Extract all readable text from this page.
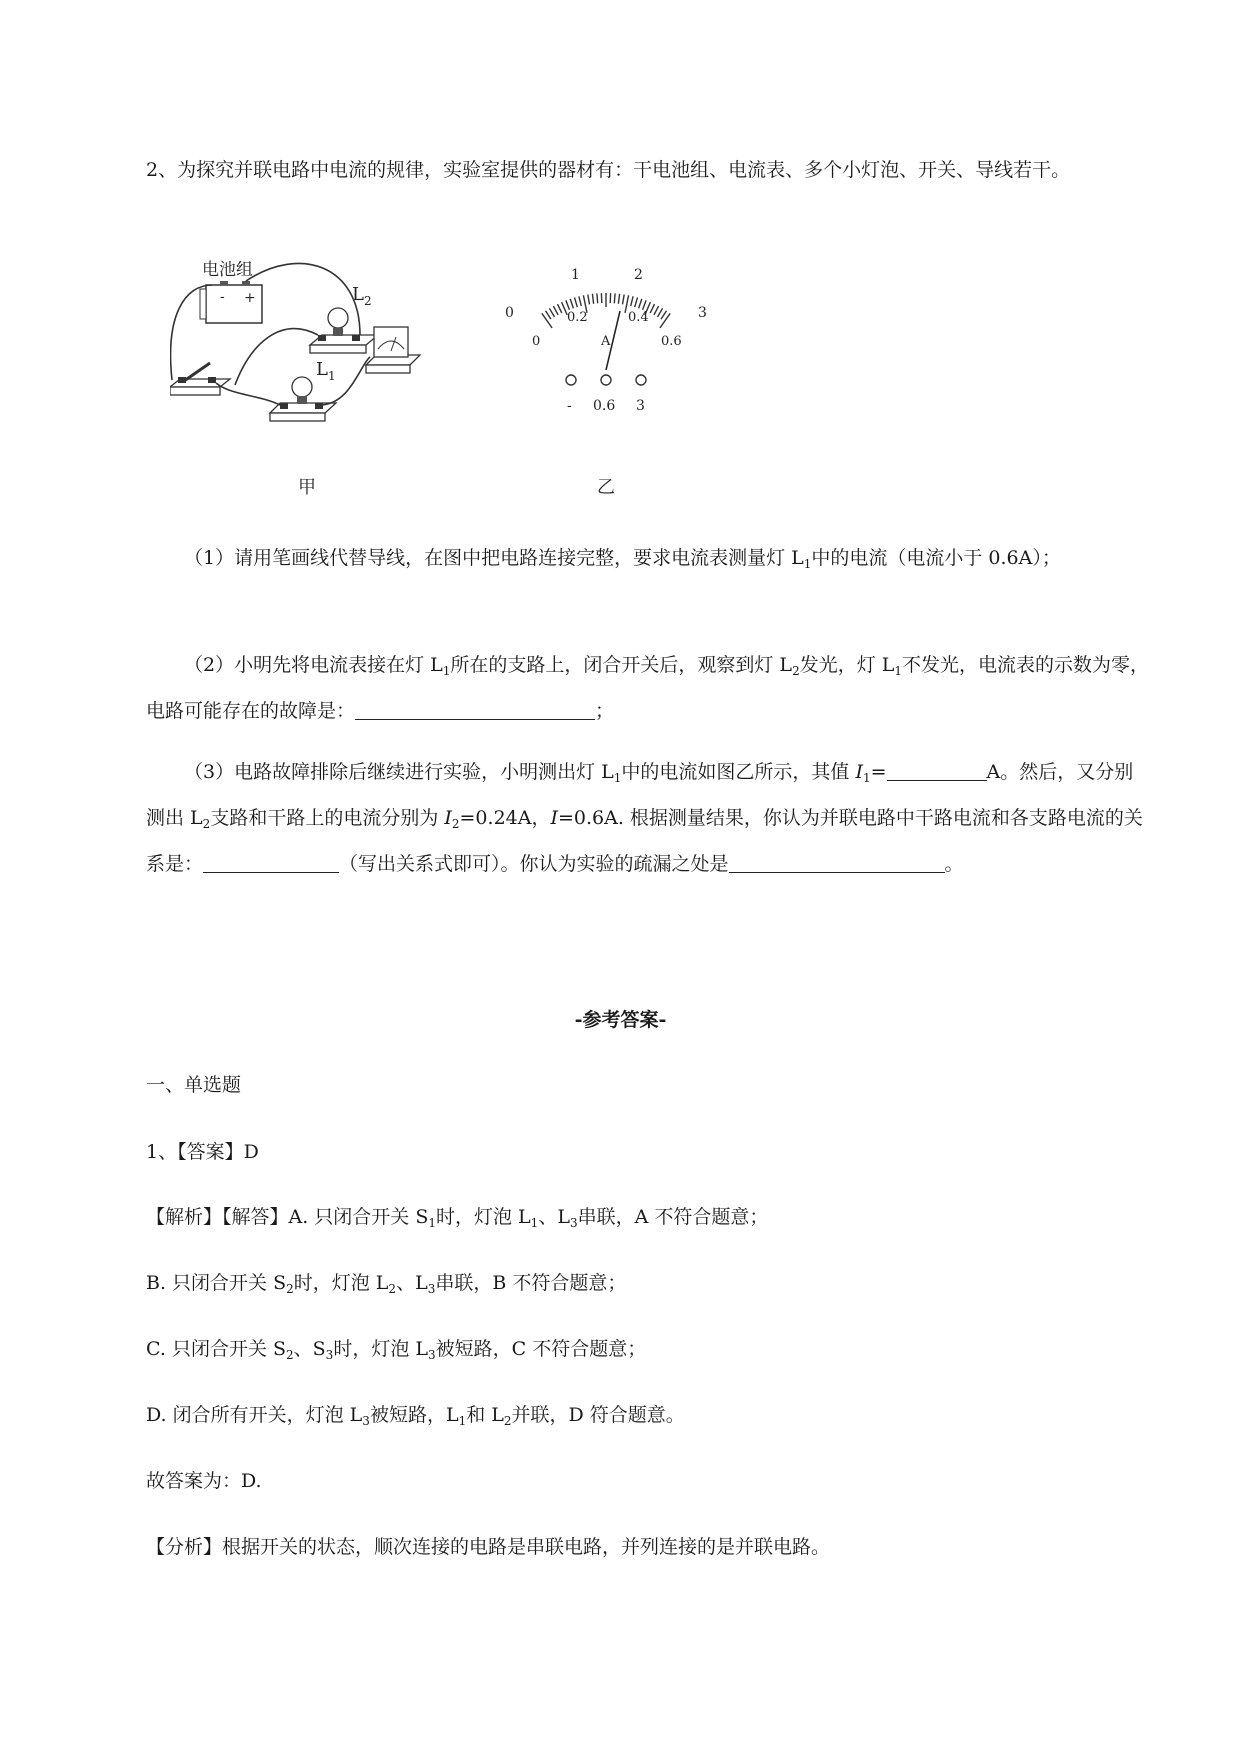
2、为探究并联电路中电流的规律，实验室提供的器材有：干电池组、电流表、多个小灯泡、开关、导线若干。
电池组
- +	$L_2$
$L_1$
甲
0
1	2
3
0
0.2	0.4
0.6
A
- 0.6 3
乙
（1）请用笔画线代替导线，在图中把电路连接完整，要求电流表测量灯 $L_1$中的电流（电流小于 0.6A）；
（2）小明先将电流表接在灯 $L_1$所在的支路上，闭合开关后，观察到灯 $L_2$发光，灯 $L_1$不发光，电流表的示数为零，电路可能存在的故障是：	；
（3）电路故障排除后继续进行实验，小明测出灯 $L_1$中的电流如图乙所示，其值 $I_1=$	A。然后，又分别测出 $L_2$支路和干路上的电流分别为 $I_2=0.24A$，I=0.6A. 根据测量结果，你认为并联电路中干路电流和各支路电流的关系是：	（写出关系式即可）。你认为实验的疏漏之处是	。
-参考答案-
一、单选题
1、【答案】D
【解析】【解答】A. 只闭合开关 $S_1$时，灯泡 $L_1$、$L_3$串联，A 不符合题意；
B. 只闭合开关 $S_2$时，灯泡 $L_2$、$L_3$串联，B 不符合题意；
C. 只闭合开关 $S_2$、$S_3$时，灯泡 $L_3$被短路，C 不符合题意；
D. 闭合所有开关，灯泡 $L_3$被短路，$L_1$和 $L_2$并联，D 符合题意。
故答案为：D.
【分析】根据开关的状态，顺次连接的电路是串联电路，并列连接的是并联电路。
